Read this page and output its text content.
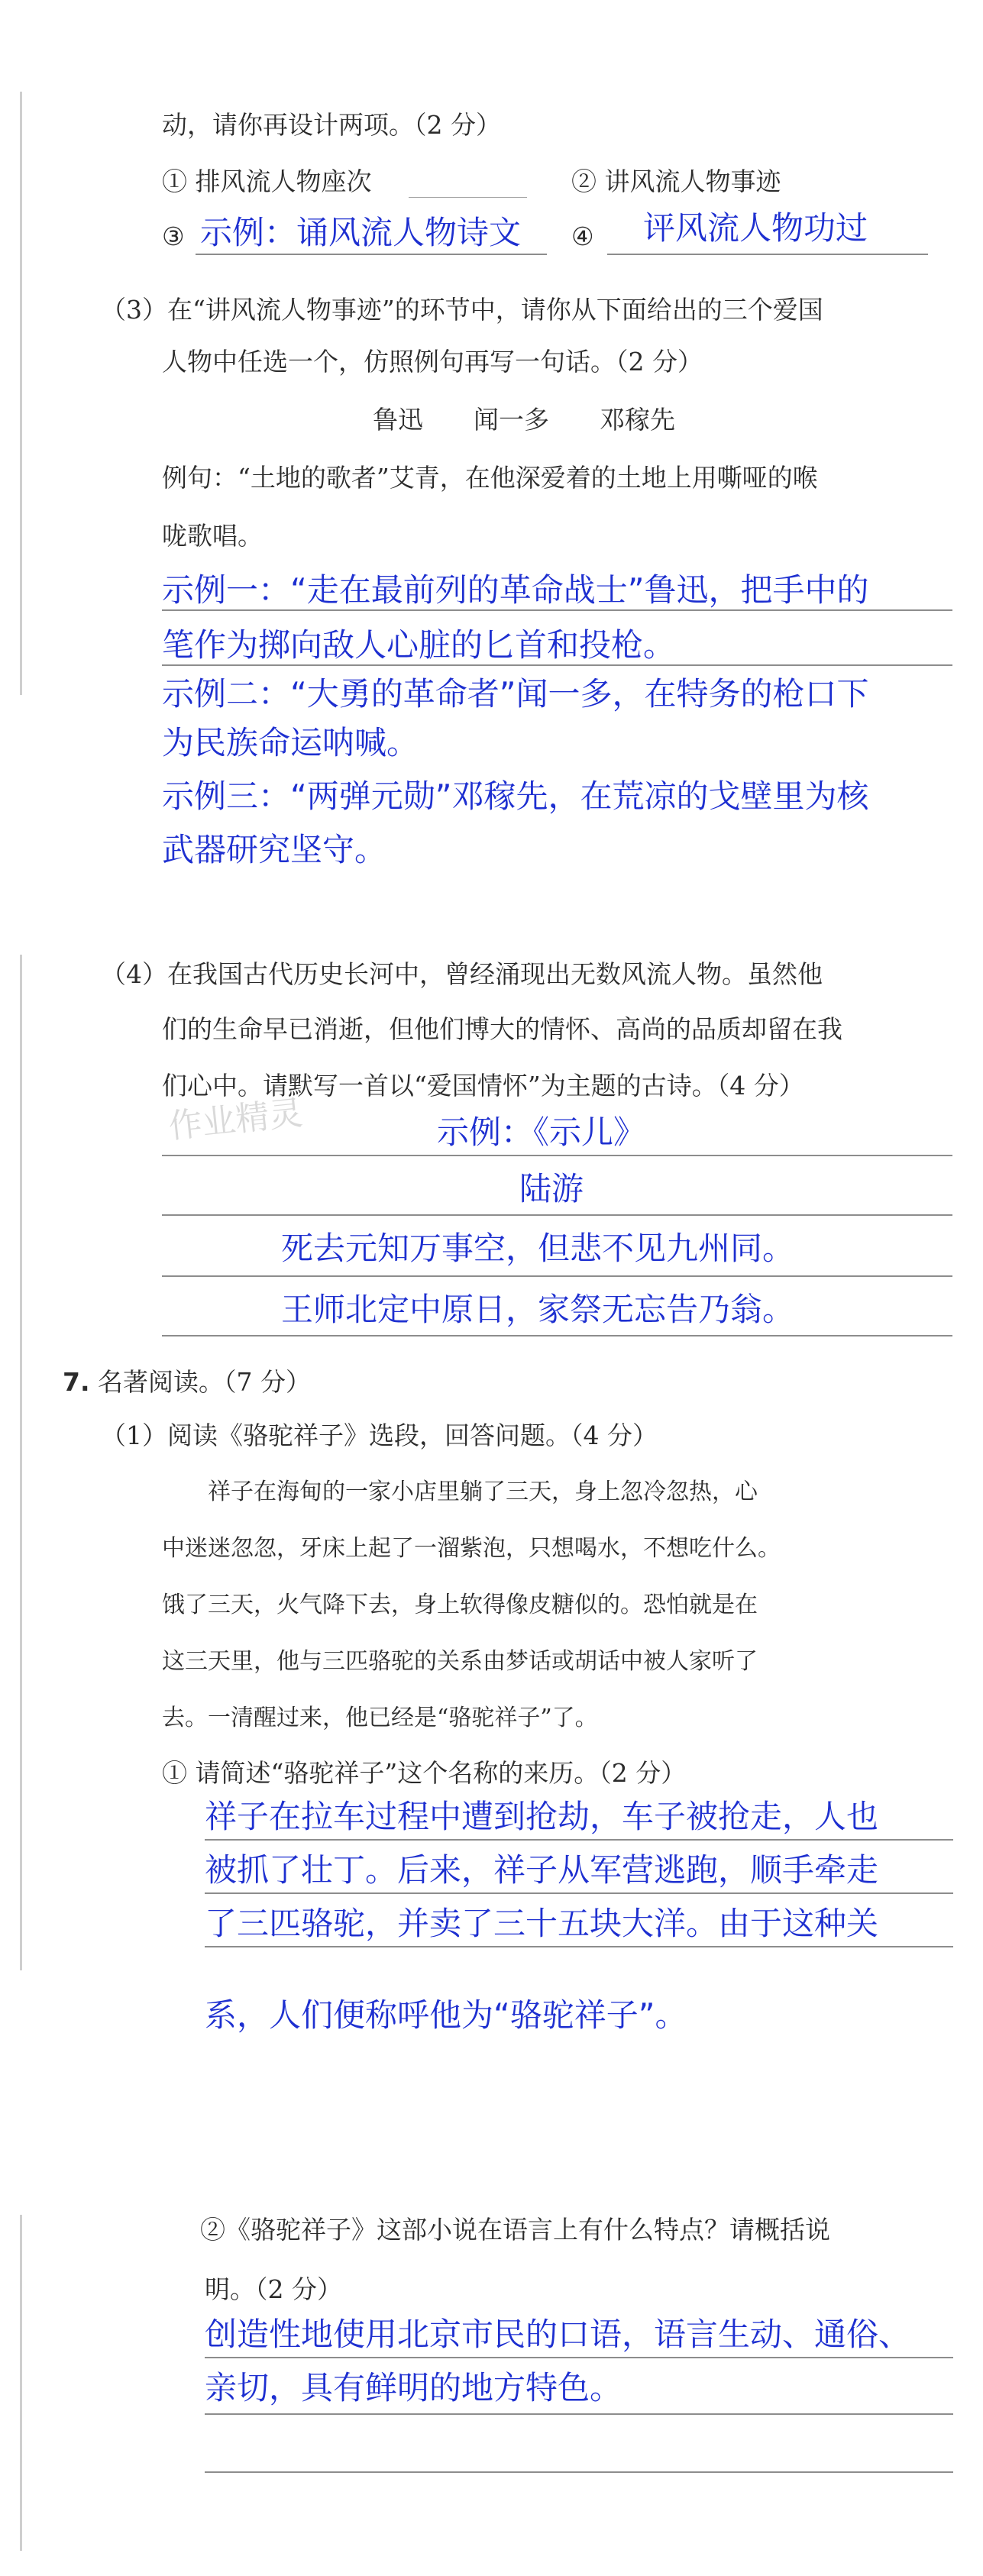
动，请你再设计两项。（2 分）
① 排风流人物座次	② 讲风流人物事迹
③ 示例：诵风流人物诗文 ④ 评风流人物功过
（3）在“讲风流人物事迹”的环节中，请你从下面给出的三个爱国
人物中任选一个，仿照例句再写一句话。（2 分）
鲁迅　　闻一多　　邓稼先
例句：“土地的歌者”艾青，在他深爱着的土地上用嘶哑的喉
咙歌唱。
示例一：“走在最前列的革命战士”鲁迅，把手中的
笔作为掷向敌人心脏的匕首和投枪。
示例二：“大勇的革命者”闻一多，在特务的枪口下
为民族命运呐喊。
示例三：“两弹元勋”邓稼先，在荒凉的戈壁里为核
武器研究坚守。
（4）在我国古代历史长河中，曾经涌现出无数风流人物。虽然他
们的生命早已消逝，但他们博大的情怀、高尚的品质却留在我
们心中。请默写一首以“爱国情怀”为主题的古诗。（4 分）
作业精灵	示例：《示儿》
陆游
死去元知万事空，但悲不见九州同。
王师北定中原日，家祭无忘告乃翁。
7. 名著阅读。（7 分）
（1）阅读《骆驼祥子》选段，回答问题。（4 分）
　　祥子在海甸的一家小店里躺了三天，身上忽冷忽热，心
中迷迷忽忽，牙床上起了一溜紫泡，只想喝水，不想吃什么。
饿了三天，火气降下去，身上软得像皮糖似的。恐怕就是在
这三天里，他与三匹骆驼的关系由梦话或胡话中被人家听了
去。一清醒过来，他已经是“骆驼祥子”了。
① 请简述“骆驼祥子”这个名称的来历。（2 分）
祥子在拉车过程中遭到抢劫，车子被抢走，人也
被抓了壮丁。后来，祥子从军营逃跑，顺手牵走
了三匹骆驼，并卖了三十五块大洋。由于这种关
系，人们便称呼他为“骆驼祥子”。
②《骆驼祥子》这部小说在语言上有什么特点？请概括说
明。（2 分）
创造性地使用北京市民的口语，语言生动、通俗、
亲切，具有鲜明的地方特色。
